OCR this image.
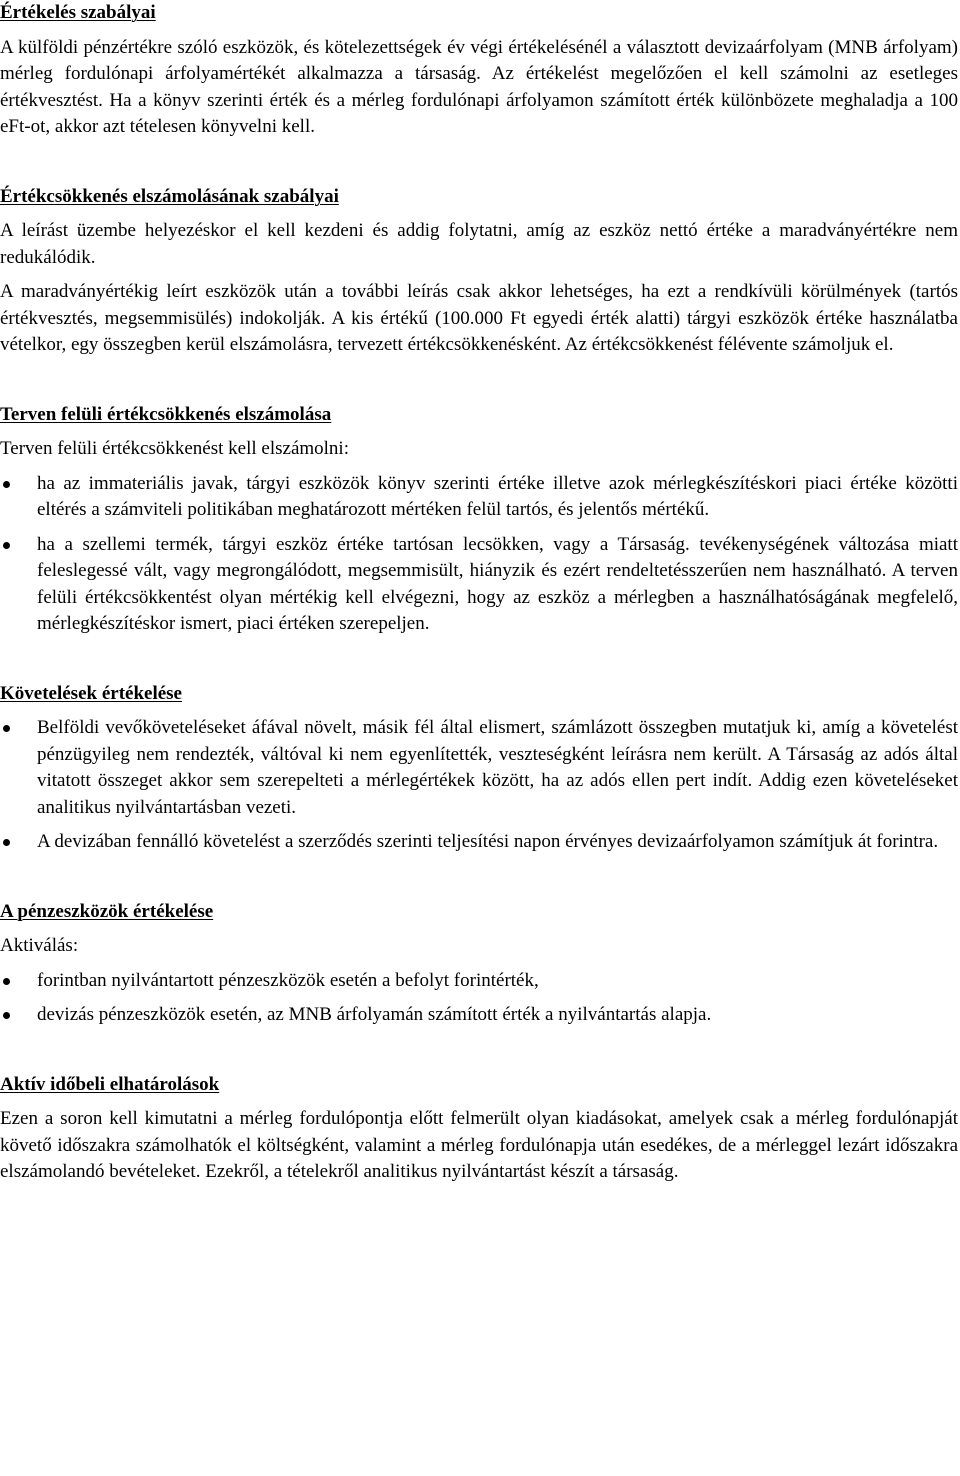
Értékelés szabályai

A külföldi pénzértékre szóló eszközök, és kötelezettségek év végi értékelésénél a választott devizaárfolyam (MNB árfolyam) mérleg fordulónapi árfolyamértékét alkalmazza a társaság. Az értékelést megelőzően el kell számolni az esetleges értékvesztést. Ha a könyv szerinti érték és a mérleg fordulónapi árfolyamon számított érték különbözete meghaladja a 100 eFt-ot, akkor azt tételesen könyvelni kell.

Értékcsökkenés elszámolásának szabályai

A leírást üzembe helyezéskor el kell kezdeni és addig folytatni, amíg az eszköz nettó értéke a maradványértékre nem redukálódik.

A maradványértékig leírt eszközök után a további leírás csak akkor lehetséges, ha ezt a rendkívüli körülmények (tartós értékvesztés, megsemmisülés) indokolják. A kis értékű (100.000 Ft egyedi érték alatti) tárgyi eszközök értéke használatba vételkor, egy összegben kerül elszámolásra, tervezett értékcsökkenésként. Az értékcsökkenést félévente számoljuk el.

Terven felüli értékcsökkenés elszámolása

Terven felüli értékcsökkenést kell elszámolni:

ha az immateriális javak, tárgyi eszközök könyv szerinti értéke illetve azok mérlegkészítéskori piaci értéke közötti eltérés a számviteli politikában meghatározott mértéken felül tartós, és jelentős mértékű.
ha a szellemi termék, tárgyi eszköz értéke tartósan lecsökken, vagy a Társaság. tevékenységének változása miatt feleslegessé vált, vagy megrongálódott, megsemmisült, hiányzik és ezért rendeltetésszerűen nem használható. A terven felüli értékcsökkentést olyan mértékig kell elvégezni, hogy az eszköz a mérlegben a használhatóságának megfelelő, mérlegkészítéskor ismert, piaci értéken szerepeljen.
Követelések értékelése
Belföldi vevőköveteléseket áfával növelt, másik fél által elismert, számlázott összegben mutatjuk ki, amíg a követelést pénzügyileg nem rendezték, váltóval ki nem egyenlítették, veszteségként leírásra nem került. A Társaság az adós által vitatott összeget akkor sem szerepelteti a mérlegértékek között, ha az adós ellen pert indít. Addig ezen követeléseket analitikus nyilvántartásban vezeti.
A devizában fennálló követelést a szerződés szerinti teljesítési napon érvényes devizaárfolyamon számítjuk át forintra.
A pénzeszközök értékelése

Aktiválás:

forintban nyilvántartott pénzeszközök esetén a befolyt forintérték,
devizás pénzeszközök esetén, az MNB árfolyamán számított érték a nyilvántartás alapja.
Aktív időbeli elhatárolások

Ezen a soron kell kimutatni a mérleg fordulópontja előtt felmerült olyan kiadásokat, amelyek csak a mérleg fordulónapját követő időszakra számolhatók el költségként, valamint a mérleg fordulónapja után esedékes, de a mérleggel lezárt időszakra elszámolandó bevételeket. Ezekről, a tételekről analitikus nyilvántartást készít a társaság.
